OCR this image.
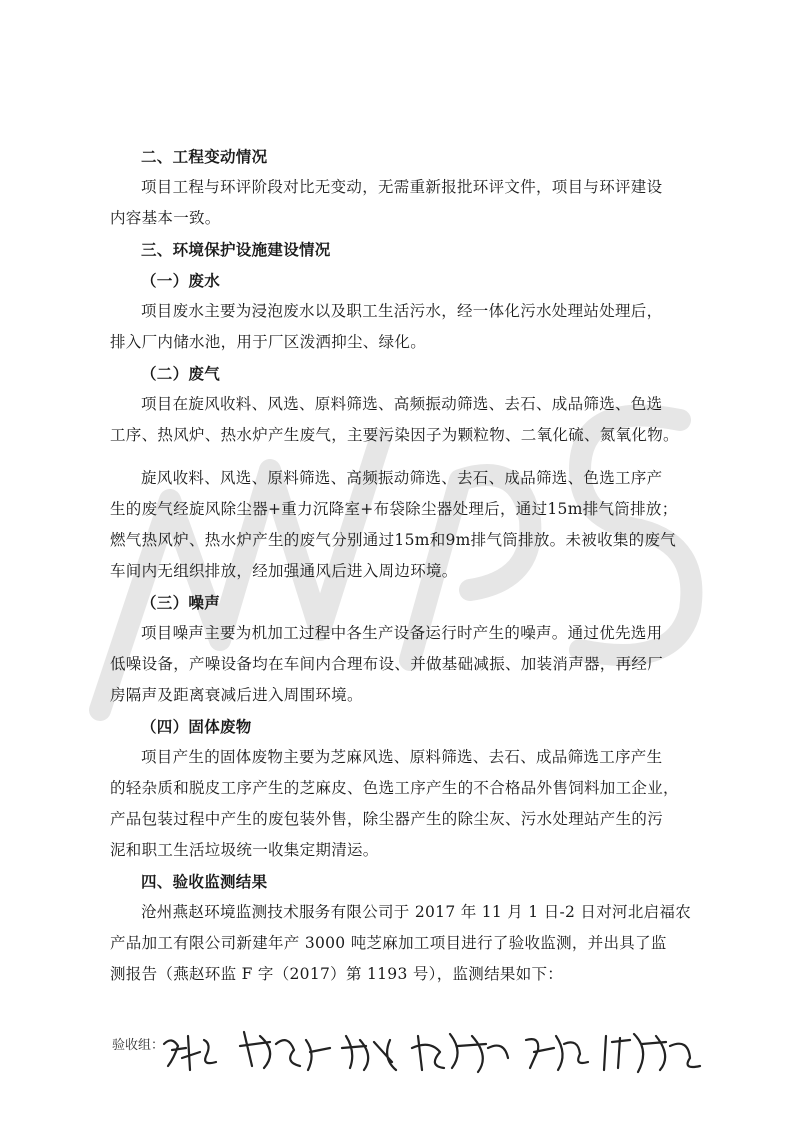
二、工程变动情况
项目工程与环评阶段对比无变动，无需重新报批环评文件，项目与环评建设
内容基本一致。
三、环境保护设施建设情况
（一）废水
项目废水主要为浸泡废水以及职工生活污水，经一体化污水处理站处理后，
排入厂内储水池，用于厂区泼洒抑尘、绿化。
（二）废气
项目在旋风收料、风选、原料筛选、高频振动筛选、去石、成品筛选、色选
工序、热风炉、热水炉产生废气，主要污染因子为颗粒物、二氧化硫、氮氧化物。
旋风收料、风选、原料筛选、高频振动筛选、去石、成品筛选、色选工序产
生的废气经旋风除尘器+重力沉降室+布袋除尘器处理后，通过15m排气筒排放；
燃气热风炉、热水炉产生的废气分别通过15m和9m排气筒排放。未被收集的废气
车间内无组织排放，经加强通风后进入周边环境。
（三）噪声
项目噪声主要为机加工过程中各生产设备运行时产生的噪声。通过优先选用
低噪设备，产噪设备均在车间内合理布设、并做基础减振、加装消声器，再经厂
房隔声及距离衰减后进入周围环境。
（四）固体废物
项目产生的固体废物主要为芝麻风选、原料筛选、去石、成品筛选工序产生
的轻杂质和脱皮工序产生的芝麻皮、色选工序产生的不合格品外售饲料加工企业，
产品包装过程中产生的废包装外售，除尘器产生的除尘灰、污水处理站产生的污
泥和职工生活垃圾统一收集定期清运。
四、验收监测结果
沧州燕赵环境监测技术服务有限公司于 2017 年 11 月 1 日-2 日对河北启福农
产品加工有限公司新建年产 3000 吨芝麻加工项目进行了验收监测，并出具了监
测报告（燕赵环监 F 字（2017）第 1193 号），监测结果如下：
验收组：
